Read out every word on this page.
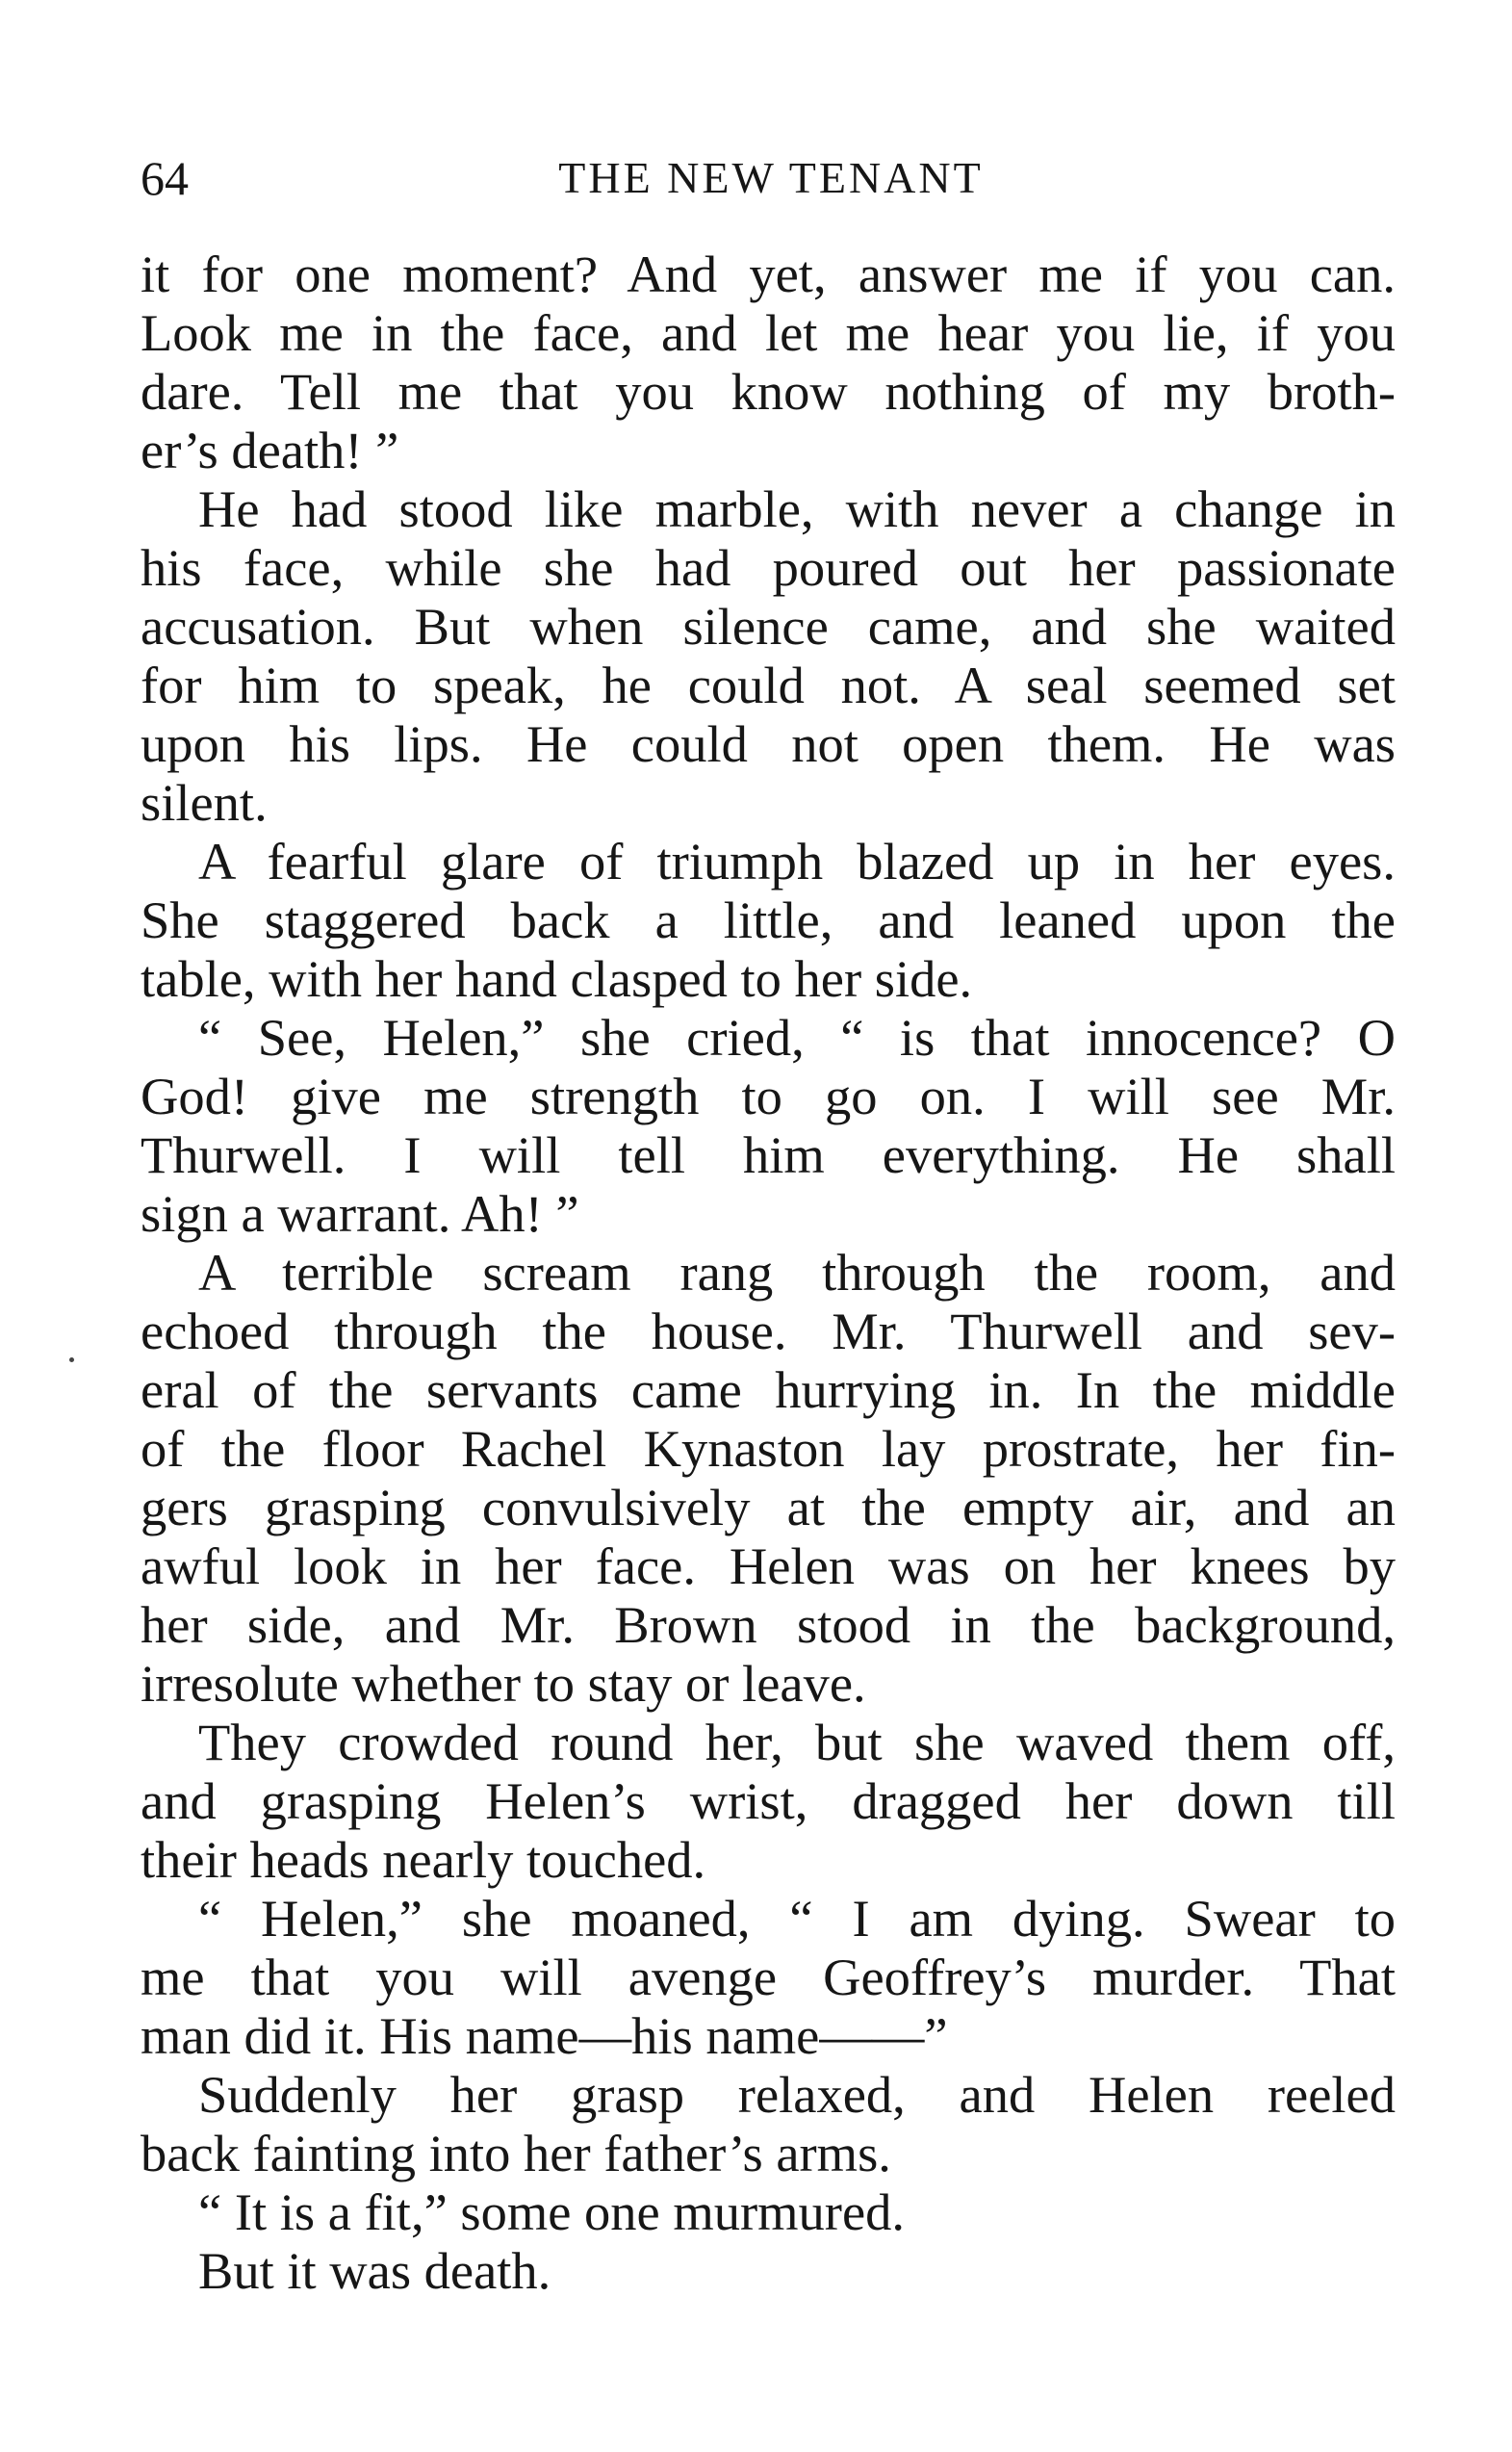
64	THE NEW TENANT
it for one moment? And yet, answer me if you can.
Look me in the face, and let me hear you lie, if you
dare. Tell me that you know nothing of my broth-
er’s death! ”
He had stood like marble, with never a change in
his face, while she had poured out her passionate
accusation. But when silence came, and she waited
for him to speak, he could not. A seal seemed set
upon his lips. He could not open them. He was
silent.
A fearful glare of triumph blazed up in her eyes.
She staggered back a little, and leaned upon the
table, with her hand clasped to her side.
“ See, Helen,” she cried, “ is that innocence? O
God! give me strength to go on. I will see Mr.
Thurwell. I will tell him everything. He shall
sign a warrant. Ah! ”
A terrible scream rang through the room, and
echoed through the house. Mr. Thurwell and sev-
eral of the servants came hurrying in. In the middle
of the floor Rachel Kynaston lay prostrate, her fin-
gers grasping convulsively at the empty air, and an
awful look in her face. Helen was on her knees by
her side, and Mr. Brown stood in the background,
irresolute whether to stay or leave.
They crowded round her, but she waved them off,
and grasping Helen’s wrist, dragged her down till
their heads nearly touched.
“ Helen,” she moaned, “ I am dying. Swear to
me that you will avenge Geoffrey’s murder. That
man did it. His name—his name——”
Suddenly her grasp relaxed, and Helen reeled
back fainting into her father’s arms.
“ It is a fit,” some one murmured.
But it was death.
